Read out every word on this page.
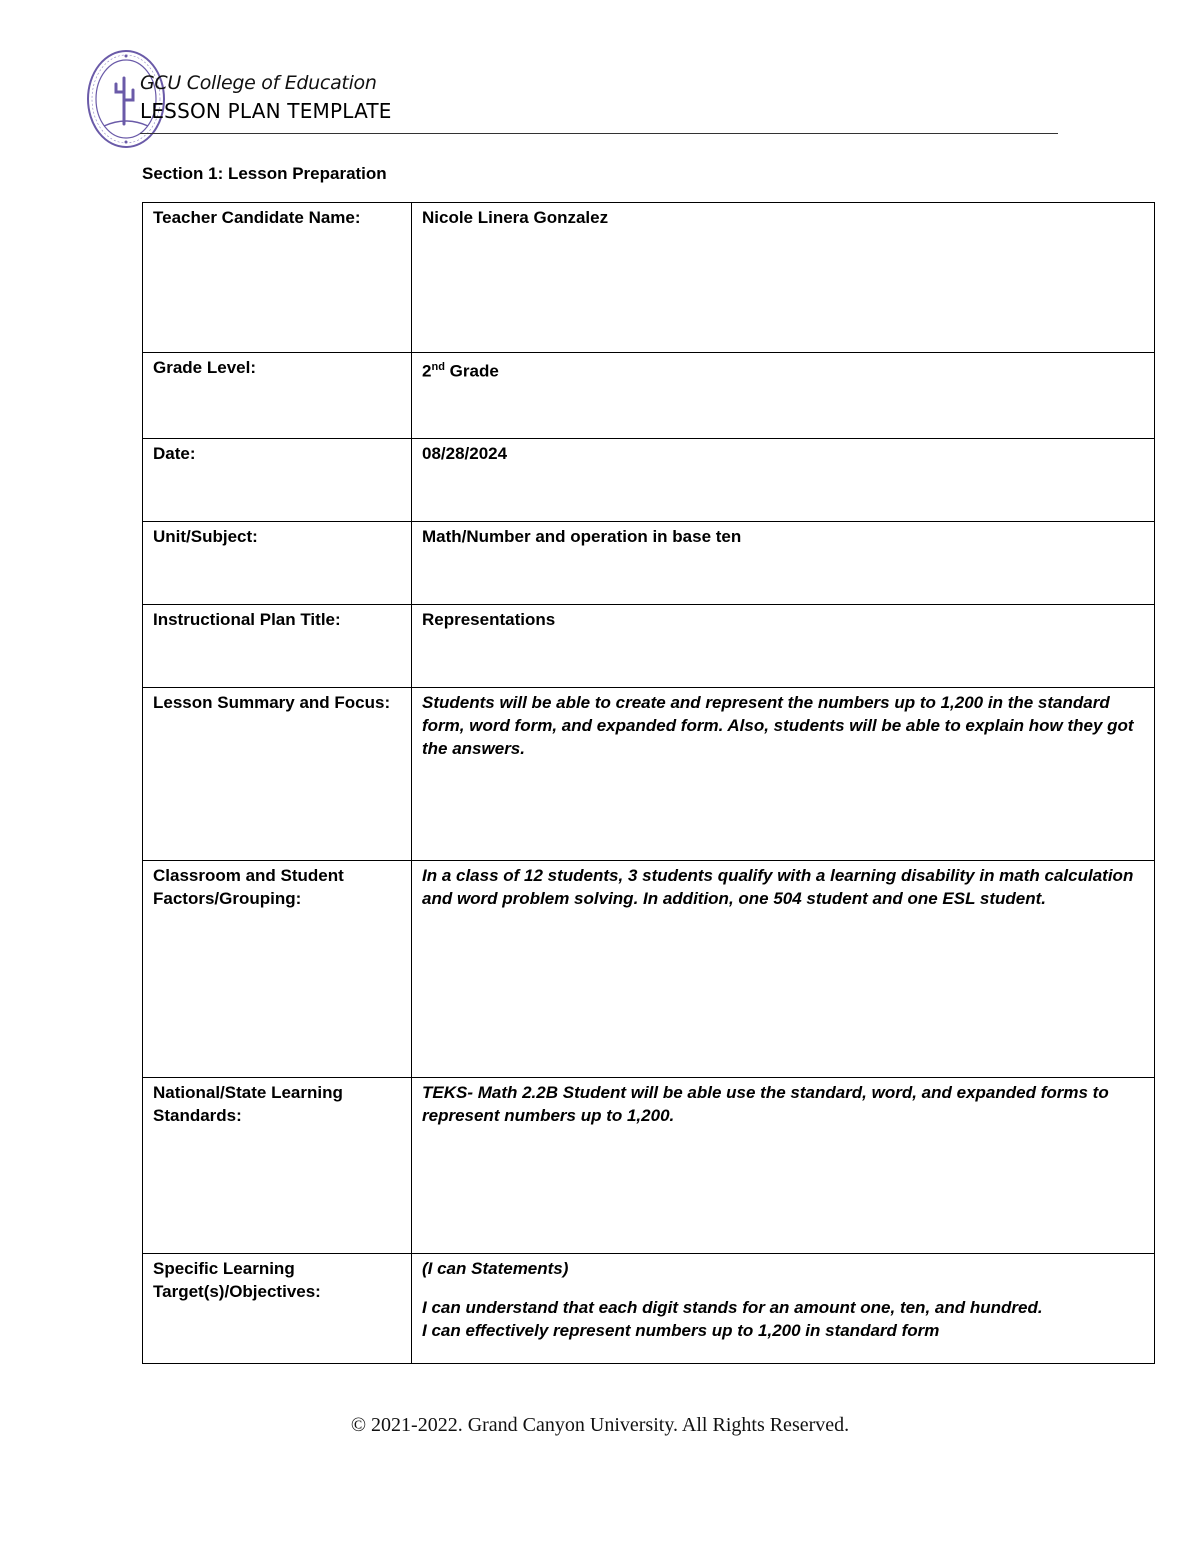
GCU College of Education
LESSON PLAN TEMPLATE
Section 1: Lesson Preparation
Teacher Candidate Name:	Nicole Linera Gonzalez
Grade Level:	2nd Grade
Date:	08/28/2024
Unit/Subject:	Math/Number and operation in base ten
Instructional Plan Title:	Representations
Lesson Summary and Focus:	Students will be able to create and represent the numbers up to 1,200 in the standard form, word form, and expanded form. Also, students will be able to explain how they got the answers.
Classroom and Student Factors/Grouping:	In a class of 12 students, 3 students qualify with a learning disability in math calculation and word problem solving. In addition, one 504 student and one ESL student.
National/State Learning Standards:	TEKS- Math 2.2B Student will be able use the standard, word, and expanded forms to represent numbers up to 1,200.
Specific Learning Target(s)/Objectives:	(I can Statements)
I can understand that each digit stands for an amount one, ten, and hundred.
I can effectively represent numbers up to 1,200 in standard form
© 2021-2022. Grand Canyon University. All Rights Reserved.
